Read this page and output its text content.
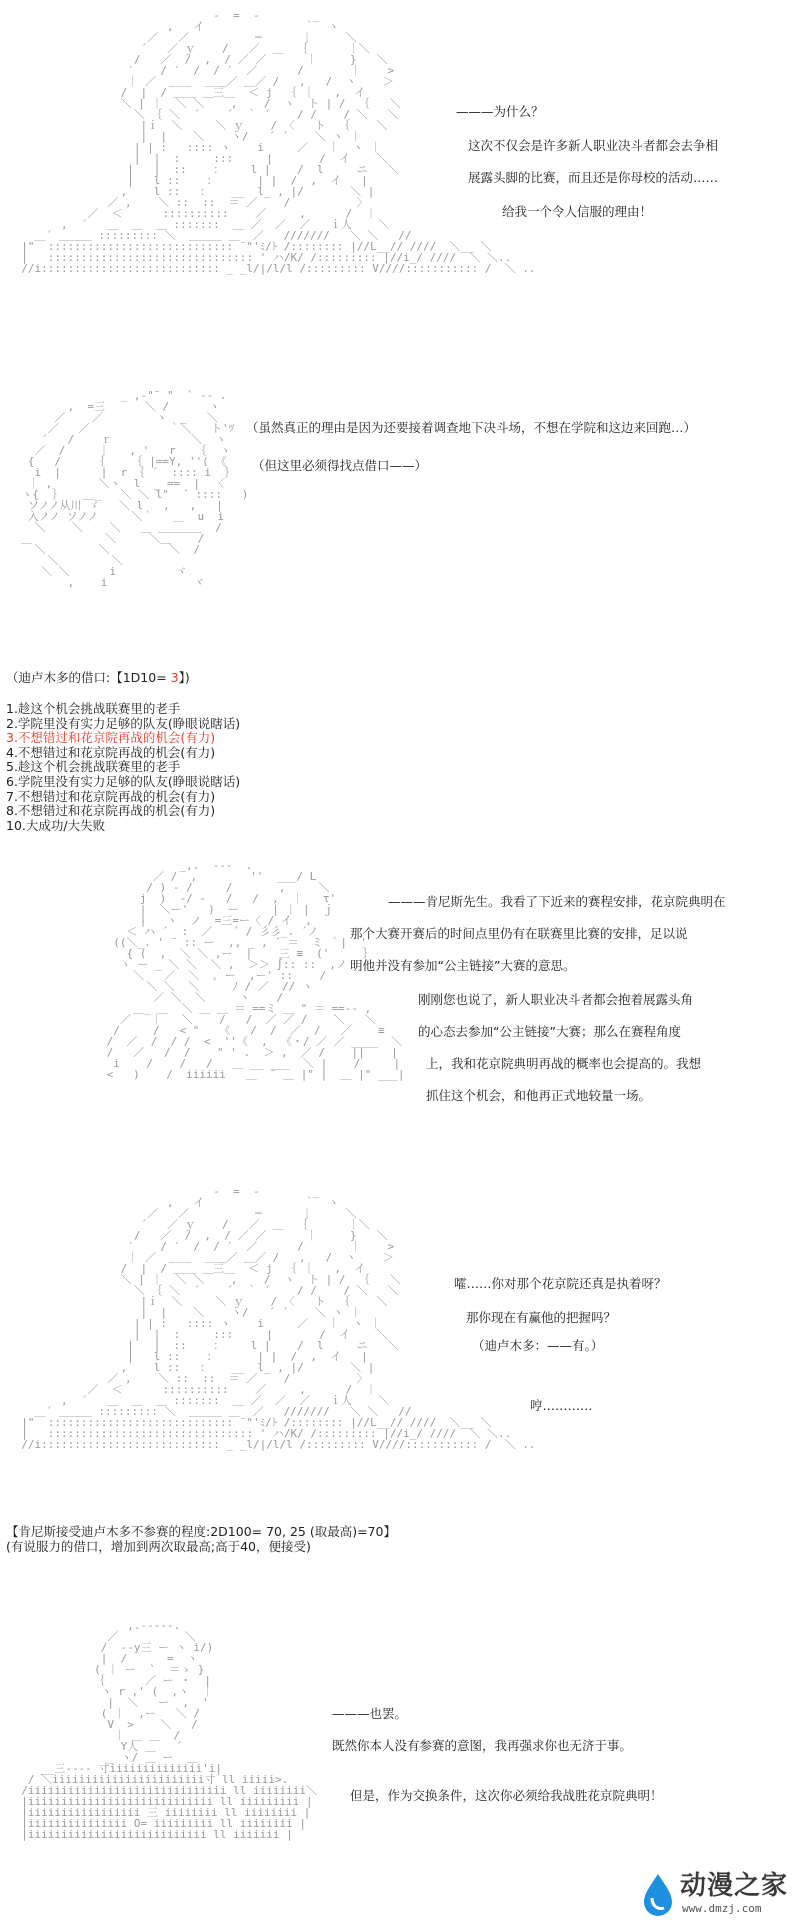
-  =  -        _
,   イ               ｀  ヽ
／   ／          ─      ｜     ＼
´   ／ ｙ    /   ／  ＿  ｛      ｜＼
/   ／  /  ,  / ／ ／      ｜     }   ＼
′    / ′  /  / ′  ／      /       ｜    >
｜ ／  ＿＿  ＿＿／ ＿／ /   ,   /  ヽ    ＞
/  |  / ＿＿ ＿三＿  ＜ j  ｛ ｜   ,  イ
＼ | ｜  ＼ ＼    ,    /  ヽ  ト | /  ｛   ＼
＼ ｛ ＼  ´    ´  ｀ ´    / /    / ＼   ＼
|ｉ  ＼     ＼ ｙ    / 〈   ト  ｛    ＼
|  |    ＼    ヽ/   ´ ´    ＼ ヽ ｜
| | :   :::: ヽ    i     ／   ｜  ヽ ｜
|  |  :     :::     |       /  イ    ＼
|   |  ::    ：    l |    /  l     ニ   ＼
|   l ::    ：      | |  /  ,  イ   |
,    l ::   ：   __  l_ , |/       ＼ |
／ ,    ＼ ::  ::  ＝ ／    /          〉
／  ＜      ::::::::::    ／     ,      /  ｜
,  ´   ＿  ＿  ＿ :::::::  ＿ ／  ／  ／   ｉ人    ＼
＿´ ＿＿＿ ::::::::: ＼  ＿＿＿ ＿  ／   ///////   ＼ ＼   //
|"  :::::::::::::::::::::::::::: ¨"'ﾐ/ﾄ /:::::::: |//L__// ////  ＼__ ＼
|   ::::::::::::::::::::::::::::::: ' ハ/K/ /::::::::: |//i_/ ////  ＼ ＼..
//i::::::::::::::::::::::::::: _ _l/|/l/l /::::::::: V////::::::::::: /  ＼ ..
———为什么？
这次不仅会是许多新人职业决斗者都会去争相
展露头脚的比赛，而且还是你母校的活动……
给我一个令人信服的理由！
_ ,-"¨ "  ` -- .
,  =三      ＼ /      ヽ
／    ／        ヽ  _   ＼
／   ／            ｀＼   ト'ﾂ
´   /    ｒ            ＼  ヽ
／  /     ｜   , '   r   ｛  ヽ
{   /     ｛    ｛ |==Y, ''( 《
i  |      |  r ｛ ´  :::: i  ｝
｜ ,       ＼ヽ  l  _ ==  |  〈
ヽ{  ｝   ＿_   ＼ ＼ l"  ´ ::::   )
ソノノ从川 ゞ   ＼ l   ,   ,   |
入ノノ ソノノ     ＼｀   ＿  u  i
＼    ＼    ＼   ＿ ＿＿＿＿  /
＿           ＼     ＼＿    /
＼        ＼         ＼  /
＼        ＼
＼ ＼      i         ヾ
,    i             ヾ
（虽然真正的理由是因为还要接着调查地下决斗场，不想在学院和这边来回跑…）
（但这里必须得找点借口——）
（迪卢木多的借口:【1D10= 3】)
1.趁这个机会挑战联赛里的老手
2.学院里没有实力足够的队友(睁眼说瞎话)
3.不想错过和花京院再战的机会(有力)
4.不想错过和花京院再战的机会(有力)
5.趁这个机会挑战联赛里的老手
6.学院里没有实力足够的队友(睁眼说瞎话)
7.不想错过和花京院再战的机会(有力)
8.不想错过和花京院再战的机会(有力)
10.大成功/大失败
_,.  ---  .
／ /  ,        ''  ___/ L
/ ) - /     /       ,     ＼
j  )  -/ -   /   /  ,  ｜   τ'
|  ＼ー'   )  ー     | ｜ |  ｊ
|   ヽ  ノ  =三=ー〈 / イ  ,
＜ ハ ´  :  ／   ´ / 彡彡_. ´ノ
((＼_. ' ¨ :: ー  ,, _ , ´ ＝  ミ ｀|  '
{ (  ,  ＼ ＼ ,ー  |    三 ≡  ('     ｝
ヽ ー _ ＼ ＼  ＼ ,  ＞＞ ∫:: ::  ,ノ
＼   ／  ＼  ｡ ー  ,ー' ::    /
＼ ＼  ＼     ﾉ / ／  // ヽ
／ ＼  ＼     ヽ    /
＿_ ＿  ＼ ＿ ＿ ＝ ==ミ ＿ " ＝ ==-- ,
／   ｜   ＼    /   /  ／ ／ /    ＼   ＼
/     /   < "   《   /  /  ／  /   ／    ≡
/  ／  /  / /  <  ''《  ,  《・/ ／ ／ ____  ＼
/   ／   /  /    " ' .  ＞ ,  ／ /    ||    |
i    /    /   /   ＿ __ ___  ＼ |    /     |
<   )    /  iiiiii   ＿  ¨ ＿ |" |  ＿ |" ___|
———肯尼斯先生。我看了下近来的赛程安排，花京院典明在
那个大赛开赛后的时间点里仍有在联赛里比赛的安排，足以说
明他并没有参加“公主链接”大赛的意思。
刚刚您也说了，新人职业决斗者都会抱着展露头角
的心态去参加“公主链接”大赛；那么在赛程角度
上，我和花京院典明再战的概率也会提高的。我想
抓住这个机会，和他再正式地较量一场。
-  =  -        _
,   イ               ｀  ヽ
／   ／          ─      ｜     ＼
´   ／ ｙ    /   ／  ＿  ｛      ｜＼
/   ／  /  ,  / ／ ／      ｜     }   ＼
′    / ′  /  / ′  ／      /       ｜    >
｜ ／  ＿＿  ＿＿／ ＿／ /   ,   /  ヽ    ＞
/  |  / ＿＿ ＿三＿  ＜ j  ｛ ｜   ,  イ
＼ | ｜  ＼ ＼    ,    /  ヽ  ト | /  ｛   ＼
＼ ｛ ＼  ´    ´  ｀ ´    / /    / ＼   ＼
|ｉ  ＼     ＼ ｙ    / 〈   ト  ｛    ＼
|  |    ＼    ヽ/   ´ ´    ＼ ヽ ｜
| | :   :::: ヽ    i     ／   ｜  ヽ ｜
|  |  :     :::     |       /  イ    ＼
|   |  ::    ：    l |    /  l     ニ   ＼
|   l ::    ：      | |  /  ,  イ   |
,    l ::   ：   __  l_ , |/       ＼ |
／ ,    ＼ ::  ::  ＝ ／    /          〉
／  ＜      ::::::::::    ／     ,      /  ｜
,  ´   ＿  ＿  ＿ :::::::  ＿ ／  ／  ／   ｉ人    ＼
＿´ ＿＿＿ ::::::::: ＼  ＿＿＿ ＿  ／   ///////   ＼ ＼   //
|"  :::::::::::::::::::::::::::: ¨"'ﾐ/ﾄ /:::::::: |//L__// ////  ＼__ ＼
|   ::::::::::::::::::::::::::::::: ' ハ/K/ /::::::::: |//i_/ ////  ＼ ＼..
//i::::::::::::::::::::::::::: _ _l/|/l/l /::::::::: V////::::::::::: /  ＼ ..
嚯……你对那个花京院还真是执着呀？
那你现在有赢他的把握吗？
（迪卢木多：——有。）
哼…………
【肯尼斯接受迪卢木多不参赛的程度:2D100= 70, 25 (取最高)=70】
(有说服力的借口，增加到两次取最高;高于40，便接受)
,.-----.
／          ＼
/  --y三 ー ヽ i/)
|  /      =  ヽ
( ｜ ー  `  ＝ゝ }
｛      ／ ー ・  |
ヽ r ,' (  ,ヽ  ｜
|  ＼   ー  ,  '
( ｜  ,ー   ＼ /
V  >    ＼   /
｜ ＿ ＿  /
Y人 ＿   ´
_ ヽ/ ＿ ー  ＿
__三---- 寸iiiiiiiiiiiiii'i|
/ ＼iiiiiiiiiiiiiiiiiiiiiii寸 ll iiiii>.
/iiiiiiiiiiiiiiiiiiiiiiiiiiiiii ll iiiiiiii＼
|iiiiiiiiiiiiiiiiiiiiiiiiiiii ll iiiiiiiii |
|iiiiiiiiiiiiiiiii 三 iiiiiiii ll iiiiiiii |
|iiiiiiiiiiiiiii O= iiiiiiiii ll iiiiiiii |
|iiiiiiiiiiiiiiiiiiiiiiiiiii ll iiiiiii |
———也罢。
既然你本人没有参赛的意图，我再强求你也无济于事。
但是，作为交换条件，这次你必须给我战胜花京院典明！
动漫之家
www.dmzj.com
